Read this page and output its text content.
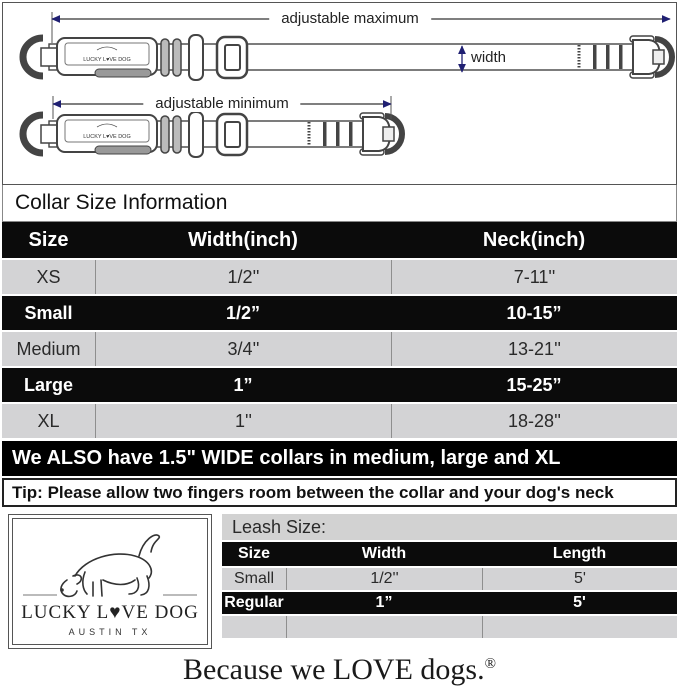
LUCKY L♥VE DOG
adjustable maximum
adjustable minimum
width
Collar Size Information
Size	Width(inch)	Neck(inch)
XS	1/2''	7-11''
Small	1/2”	10-15”
Medium	3/4''	13-21''
Large	1”	15-25”
XL	1''	18-28''
We ALSO have 1.5" WIDE collars in medium, large and XL
Tip: Please allow two fingers room between the collar and your dog's neck
LUCKY L♥VE DOG
AUSTIN TX
Leash Size:
Size	Width	Length
Small	1/2''	5'
Regular	1”	5'
Because we LOVE dogs.®
